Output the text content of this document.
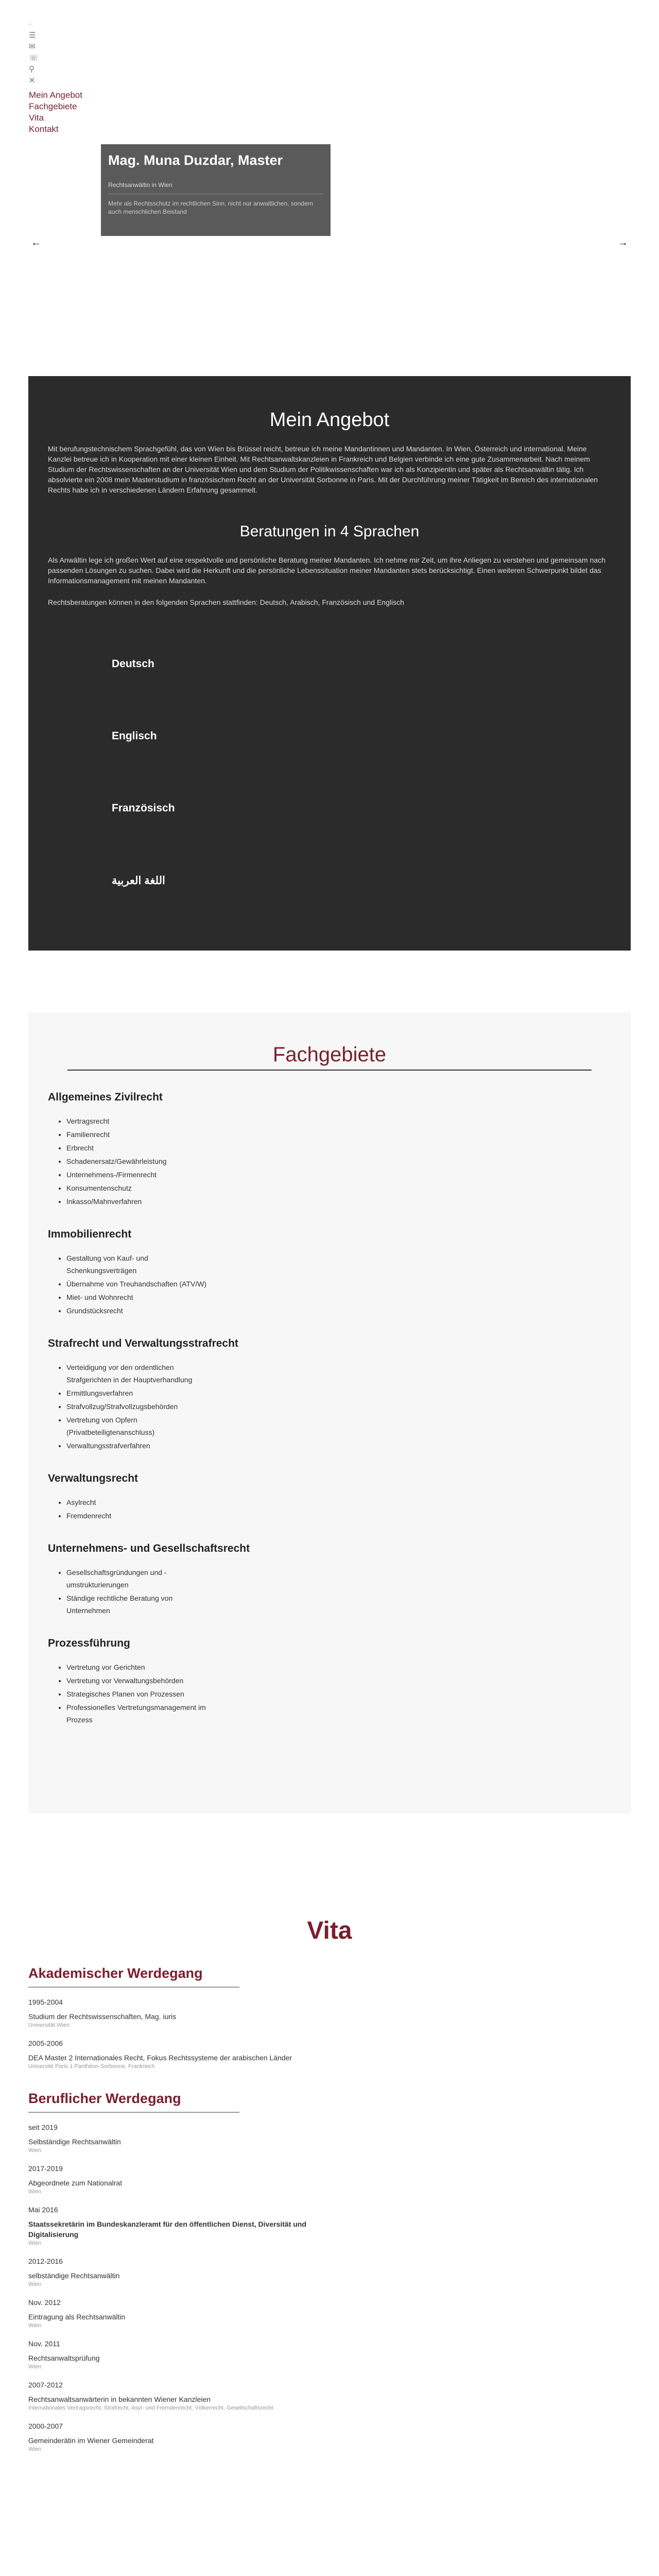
·
☰
✉
☏
⚲
✕
Mein Angebot
Fachgebiete
Vita
Kontakt
←
Mag. Muna Duzdar, Master
Rechtsanwältin in Wien
Mehr als Rechtsschutz im rechtlichen Sinn, nicht nur anwaltlichen, sondern auch menschlichen Beistand
→
Mein Angebot

Mit berufungstechnischem Sprachgefühl, das von Wien bis Brüssel reicht, betreue ich meine Mandantinnen und Mandanten. In Wien, Österreich und international. Meine Kanzlei betreue ich in Kooperation mit einer kleinen Einheit. Mit Rechtsanwaltskanzleien in Frankreich und Belgien verbinde ich eine gute Zusammenarbeit. Nach meinem Studium der Rechtswissenschaften an der Universität Wien und dem Studium der Politikwissenschaften war ich als Konzipientin und später als Rechtsanwältin tätig. Ich absolvierte ein 2008 mein Masterstudium in französischem Recht an der Universität Sorbonne in Paris. Mit der Durchführung meiner Tätigkeit im Bereich des internationalen Rechts habe ich in verschiedenen Ländern Erfahrung gesammelt.

Beratungen in 4 Sprachen

Als Anwältin lege ich großen Wert auf eine respektvolle und persönliche Beratung meiner Mandanten. Ich nehme mir Zeit, um ihre Anliegen zu verstehen und gemeinsam nach passenden Lösungen zu suchen. Dabei wird die Herkunft und die persönliche Lebenssituation meiner Mandanten stets berücksichtigt. Einen weiteren Schwerpunkt bildet das Informationsmanagement mit meinen Mandanten.

Rechtsberatungen können in den folgenden Sprachen stattfinden: Deutsch, Arabisch, Französisch und Englisch

Deutsch
Englisch
Französisch
اللغة العربية
Fachgebiete
Allgemeines Zivilrecht
• Vertragsrecht
• Familienrecht
• Erbrecht
• Schadenersatz/Gewährleistung
• Unternehmens-/Firmenrecht
• Konsumentenschutz
• Inkasso/Mahnverfahren
Immobilienrecht
• Gestaltung von Kauf- und Schenkungsverträgen
• Übernahme von Treuhandschaften (ATV/W)
• Miet- und Wohnrecht
• Grundstücksrecht
Strafrecht und Verwaltungsstrafrecht
• Verteidigung vor den ordentlichen Strafgerichten in der Hauptverhandlung
• Ermittlungsverfahren
• Strafvollzug/Strafvollzugsbehörden
• Vertretung von Opfern (Privatbeteiligtenanschluss)
• Verwaltungsstrafverfahren
Verwaltungsrecht
• Asylrecht
• Fremdenrecht
Unternehmens- und Gesellschaftsrecht
• Gesellschaftsgründungen und -umstrukturierungen
• Ständige rechtliche Beratung von Unternehmen
Prozessführung
• Vertretung vor Gerichten
• Vertretung vor Verwaltungsbehörden
• Strategisches Planen von Prozessen
• Professionelles Vertretungsmanagement im Prozess
Vita
Akademischer Werdegang
1995-2004
Studium der Rechtswissenschaften, Mag. iuris
Universität Wien
2005-2006
DEA Master 2 Internationales Recht, Fokus Rechtssysteme der arabischen Länder
Université Paris 1 Panthéon-Sorbonne, Frankreich
Beruflicher Werdegang
seit 2019
Selbständige Rechtsanwältin
Wien
2017-2019
Abgeordnete zum Nationalrat
Wien
Mai 2016
Staatssekretärin im Bundeskanzleramt für den öffentlichen Dienst, Diversität und Digitalisierung
Wien
2012-2016
selbständige Rechtsanwältin
Wien
Nov. 2012
Eintragung als Rechtsanwältin
Wien
Nov. 2011
Rechtsanwaltsprüfung
Wien
2007-2012
Rechtsanwaltsanwärterin in bekannten Wiener Kanzleien
Internationales Vertragsrecht, Strafrecht, Asyl- und Fremdenrecht, Völkerrecht, Gesellschaftsrecht
2000-2007
Gemeinderätin im Wiener Gemeinderat
Wien
